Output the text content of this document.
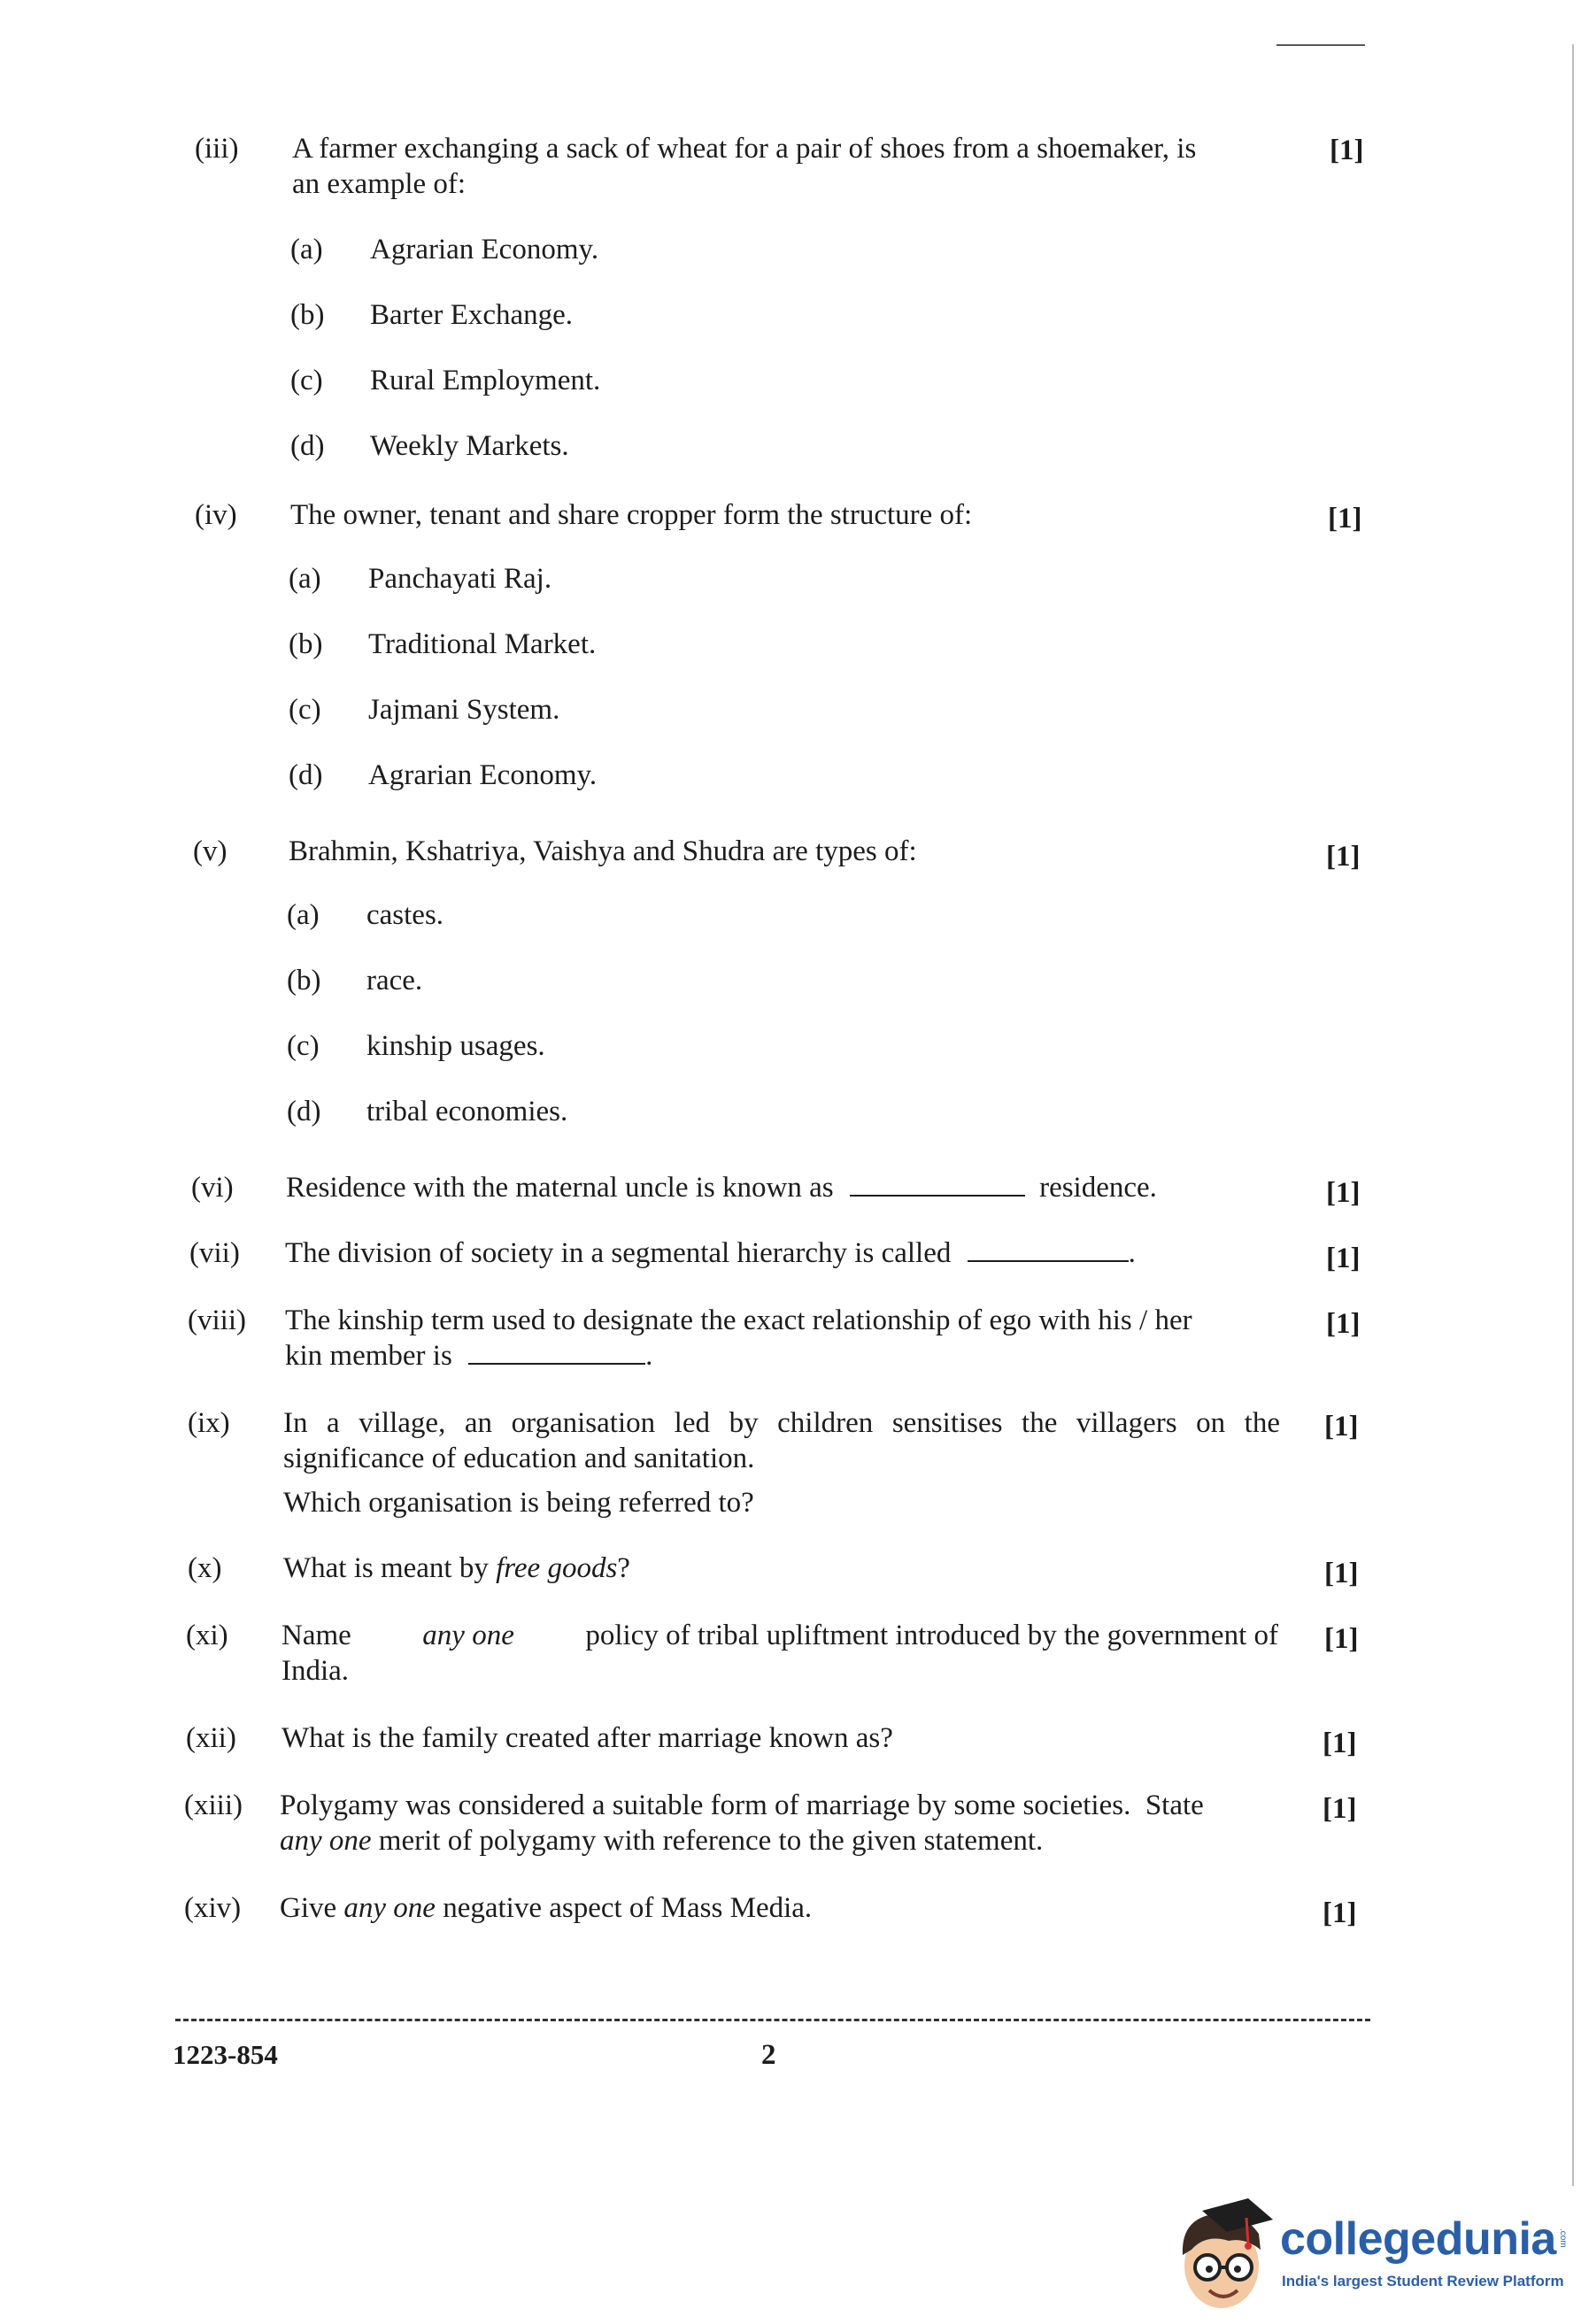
(iii) A farmer exchanging a sack of wheat for a pair of shoes from a shoemaker, is
an example of:
[1]
(a) Agrarian Economy.
(b) Barter Exchange.
(c) Rural Employment.
(d) Weekly Markets.
(iv) The owner, tenant and share cropper form the structure of:	[1]
(a) Panchayati Raj.
(b) Traditional Market.
(c) Jajmani System.
(d) Agrarian Economy.
(v) Brahmin, Kshatriya, Vaishya and Shudra are types of:	[1]
(a) castes.
(b) race.
(c) kinship usages.
(d) tribal economies.
(vi) Residence with the maternal uncle is known as	residence.	[1]
(vii) The division of society in a segmental hierarchy is called	.	[1]
(viii) The kinship term used to designate the exact relationship of ego with his / her
kin member is	.
[1]
(ix) In a village, an organisation led by children sensitises the villagers on the
significance of education and sanitation.
Which organisation is being referred to?
[1]
(x) What is meant by free goods?	[1]
(xi) Name any one policy of tribal upliftment introduced by the government of
India.
[1]
(xii) What is the family created after marriage known as?	[1]
(xiii) Polygamy was considered a suitable form of marriage by some societies.  State
any one merit of polygamy with reference to the given statement.
[1]
(xiv) Give any one negative aspect of Mass Media.	[1]
1223-854	2
collegedunia .com
India's largest Student Review Platform
